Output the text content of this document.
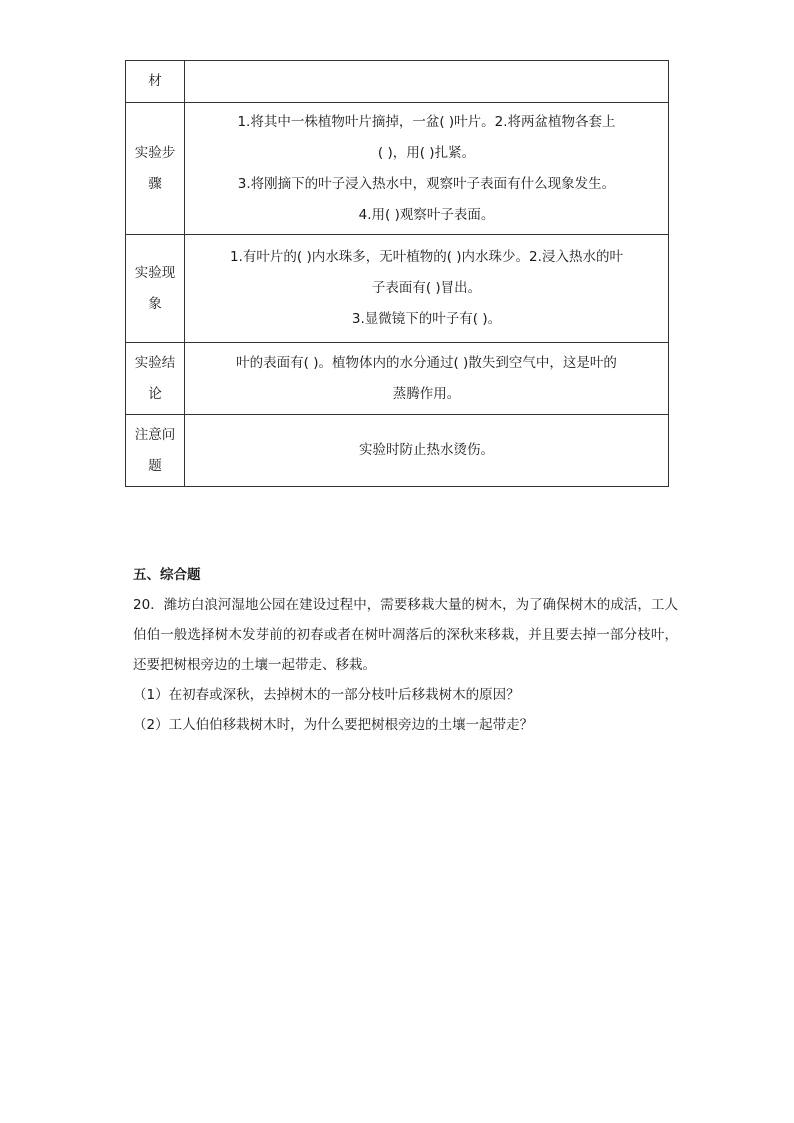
材	

实验步
骤	1.将其中一株植物叶片摘掉，一盆( )叶片。2.将两盆植物各套上
( )，用( )扎紧。
3.将刚摘下的叶子浸入热水中，观察叶子表面有什么现象发生。
4.用( )观察叶子表面。

实验现
象	1.有叶片的( )内水珠多，无叶植物的( )内水珠少。2.浸入热水的叶
子表面有( )冒出。
3.显微镜下的叶子有( )。

实验结
论	叶的表面有( )。植物体内的水分通过( )散失到空气中，这是叶的
蒸腾作用。

注意问
题	实验时防止热水烫伤。
五、综合题
20．潍坊白浪河湿地公园在建设过程中，需要移栽大量的树木，为了确保树木的成活，工人伯伯一般选择树木发芽前的初春或者在树叶凋落后的深秋来移栽，并且要去掉一部分枝叶，还要把树根旁边的土壤一起带走、移栽。
（1）在初春或深秋，去掉树木的一部分枝叶后移栽树木的原因？
（2）工人伯伯移栽树木时，为什么要把树根旁边的土壤一起带走？
